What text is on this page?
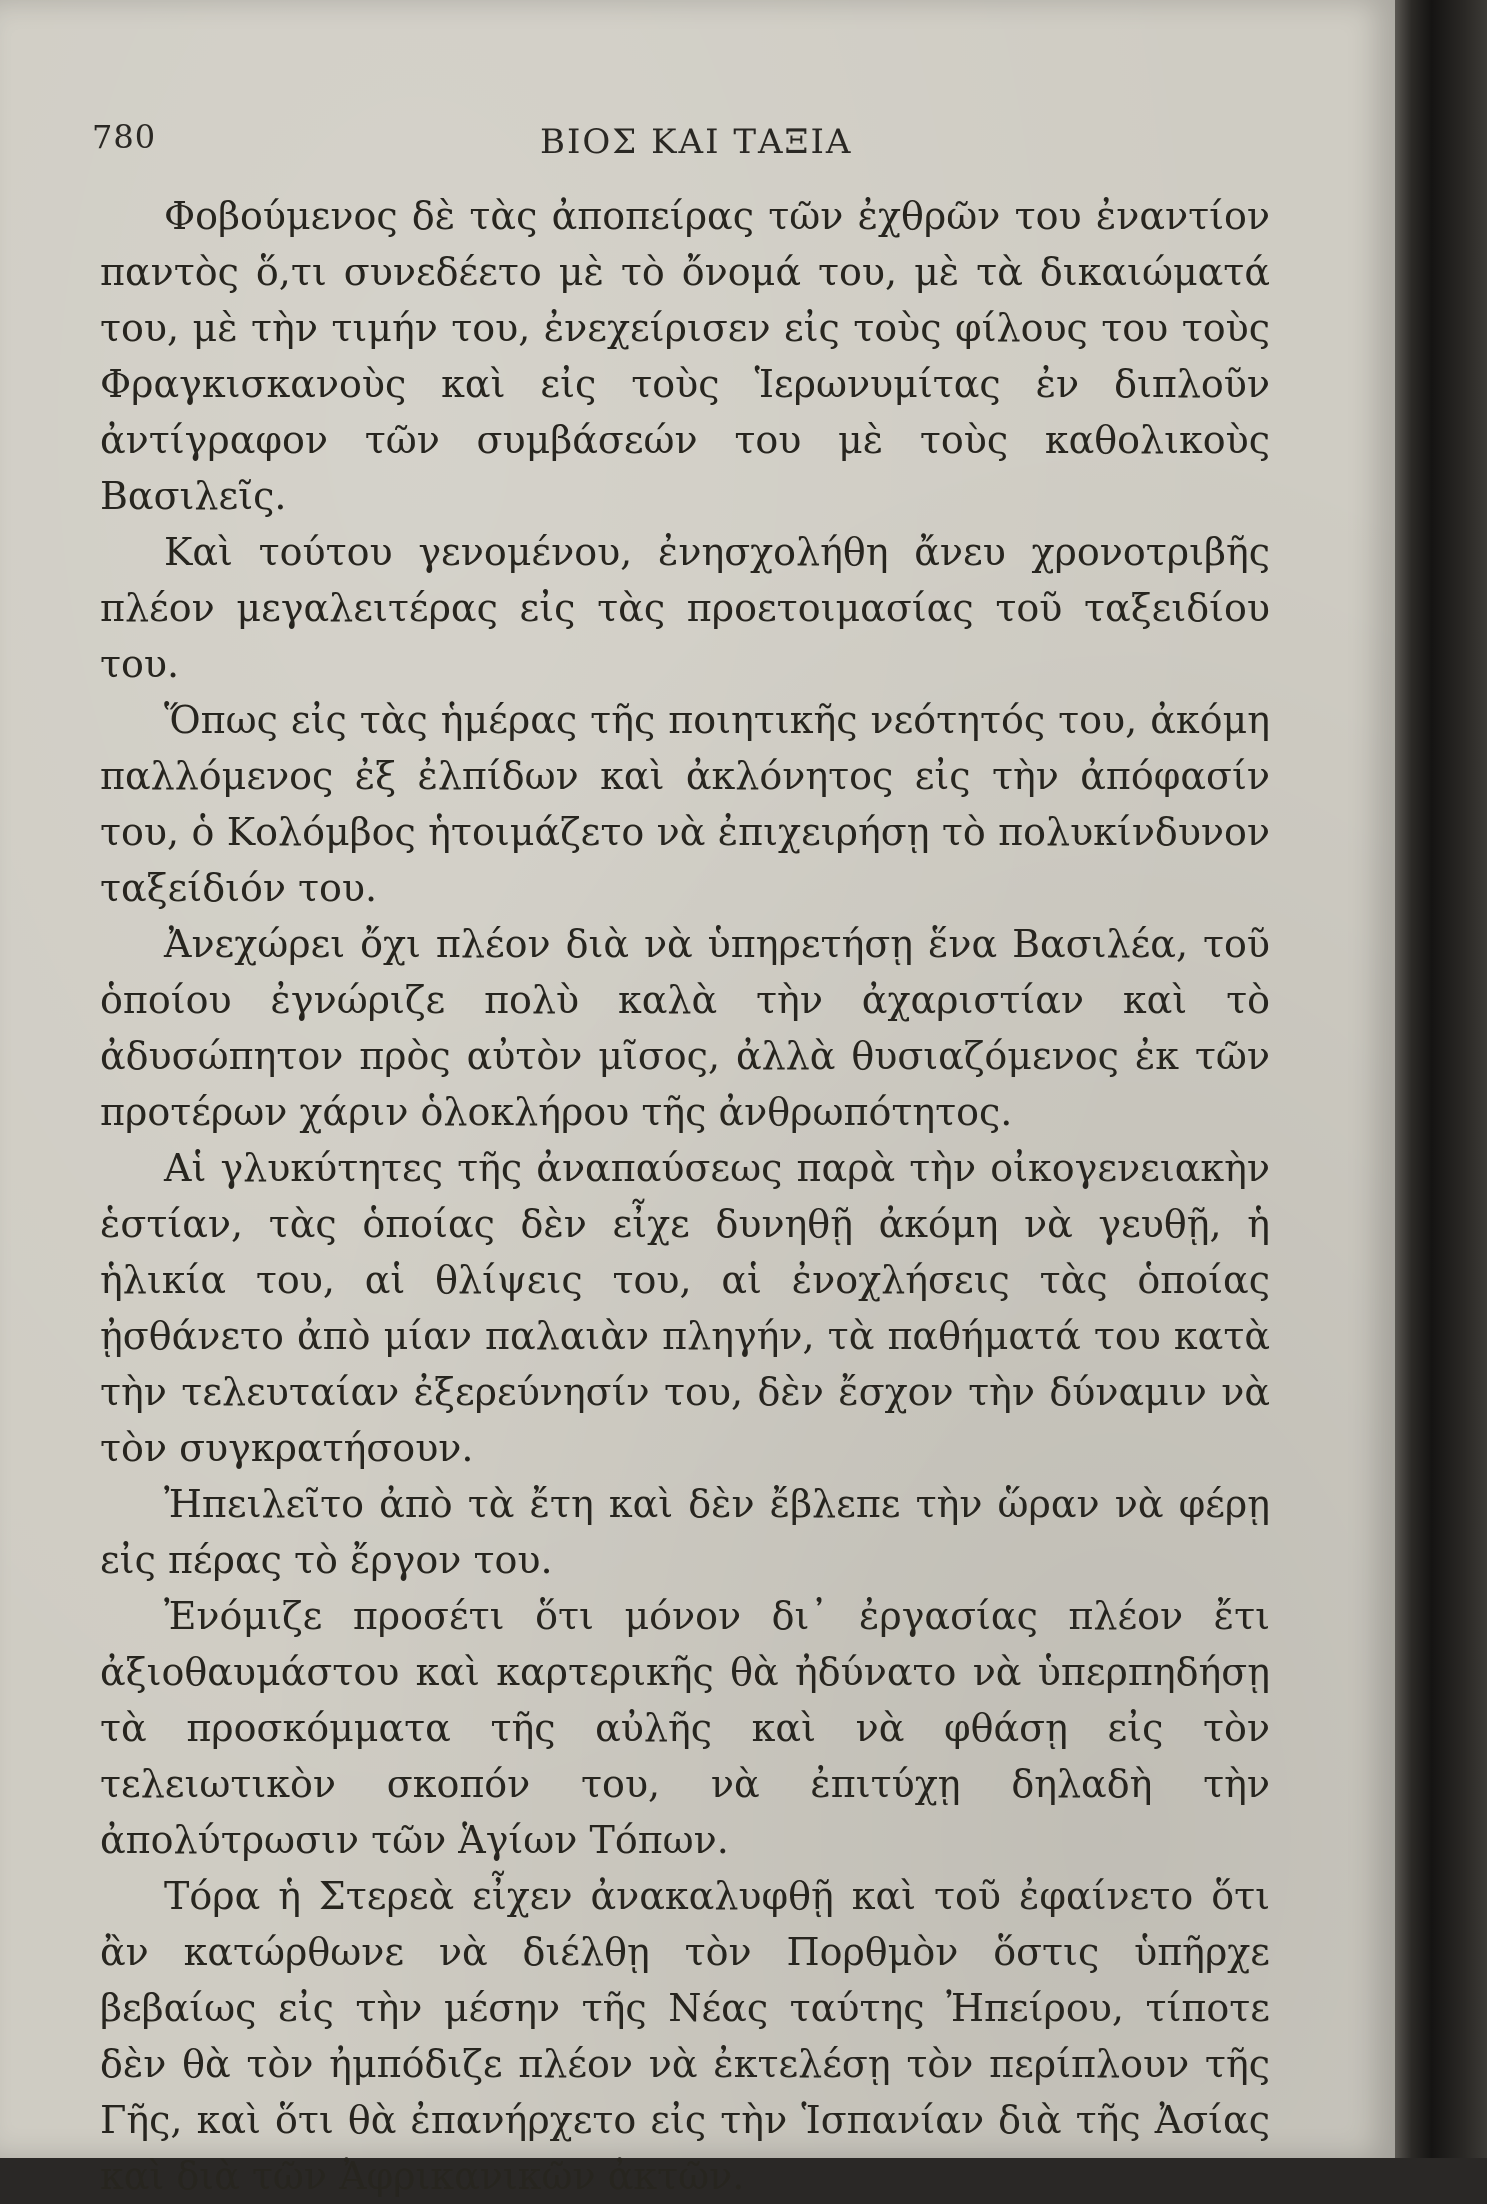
780	ΒΙΟΣ ΚΑΙ ΤΑΞΙΑ

Φοβούμενος δὲ τὰς ἀποπείρας τῶν ἐχθρῶν του ἐναντίον παντὸς ὅ,τι συνεδέετο μὲ τὸ ὄνομά του, μὲ τὰ δικαιώματά του, μὲ τὴν τιμήν του, ἐνεχείρισεν εἰς τοὺς φίλους του τοὺς Φραγκισκανοὺς καὶ εἰς τοὺς Ἱερωνυμίτας ἐν διπλοῦν ἀντίγραφον τῶν συμβάσεών του μὲ τοὺς καθολικοὺς Βασιλεῖς.

Καὶ τούτου γενομένου, ἐνησχολήθη ἄνευ χρονοτριβῆς πλέον μεγαλειτέρας εἰς τὰς προετοιμασίας τοῦ ταξειδίου του.

Ὅπως εἰς τὰς ἡμέρας τῆς ποιητικῆς νεότητός του, ἀκόμη παλλόμενος ἐξ ἐλπίδων καὶ ἀκλόνητος εἰς τὴν ἀπόφασίν του, ὁ Κολόμβος ἡτοιμάζετο νὰ ἐπιχειρήσῃ τὸ πολυκίνδυνον ταξείδιόν του.

Ἀνεχώρει ὄχι πλέον διὰ νὰ ὑπηρετήσῃ ἕνα Βασιλέα, τοῦ ὁποίου ἐγνώριζε πολὺ καλὰ τὴν ἀχαριστίαν καὶ τὸ ἀδυσώπητον πρὸς αὐτὸν μῖσος, ἀλλὰ θυσιαζόμενος ἐκ τῶν προτέρων χάριν ὁλοκλήρου τῆς ἀνθρωπότητος.

Αἱ γλυκύτητες τῆς ἀναπαύσεως παρὰ τὴν οἰκογενειακὴν ἑστίαν, τὰς ὁποίας δὲν εἶχε δυνηθῇ ἀκόμη νὰ γευθῇ, ἡ ἡλικία του, αἱ θλίψεις του, αἱ ἐνοχλήσεις τὰς ὁποίας ᾐσθάνετο ἀπὸ μίαν παλαιὰν πληγήν, τὰ παθήματά του κατὰ τὴν τελευταίαν ἐξερεύνησίν του, δὲν ἔσχον τὴν δύναμιν νὰ τὸν συγκρατήσουν.

Ἠπειλεῖτο ἀπὸ τὰ ἔτη καὶ δὲν ἔβλεπε τὴν ὥραν νὰ φέρῃ εἰς πέρας τὸ ἔργον του.

Ἐνόμιζε προσέτι ὅτι μόνον δι᾽ ἐργασίας πλέον ἔτι ἀξιοθαυμάστου καὶ καρτερικῆς θὰ ἠδύνατο νὰ ὑπερπηδήσῃ τὰ προσκόμματα τῆς αὐλῆς καὶ νὰ φθάσῃ εἰς τὸν τελειωτικὸν σκοπόν του, νὰ ἐπιτύχῃ δηλαδὴ τὴν ἀπολύτρωσιν τῶν Ἁγίων Τόπων.

Τόρα ἡ Στερεὰ εἶχεν ἀνακαλυφθῇ καὶ τοῦ ἐφαίνετο ὅτι ἂν κατώρθωνε νὰ διέλθῃ τὸν Πορθμὸν ὅστις ὑπῆρχε βεβαίως εἰς τὴν μέσην τῆς Νέας ταύτης Ἠπείρου, τίποτε δὲν θὰ τὸν ἠμπόδιζε πλέον νὰ ἐκτελέσῃ τὸν περίπλουν τῆς Γῆς, καὶ ὅτι θὰ ἐπανήρχετο εἰς τὴν Ἱσπανίαν διὰ τῆς Ἀσίας καὶ διὰ τῶν Ἀφρικανικῶν ἀκτῶν.
